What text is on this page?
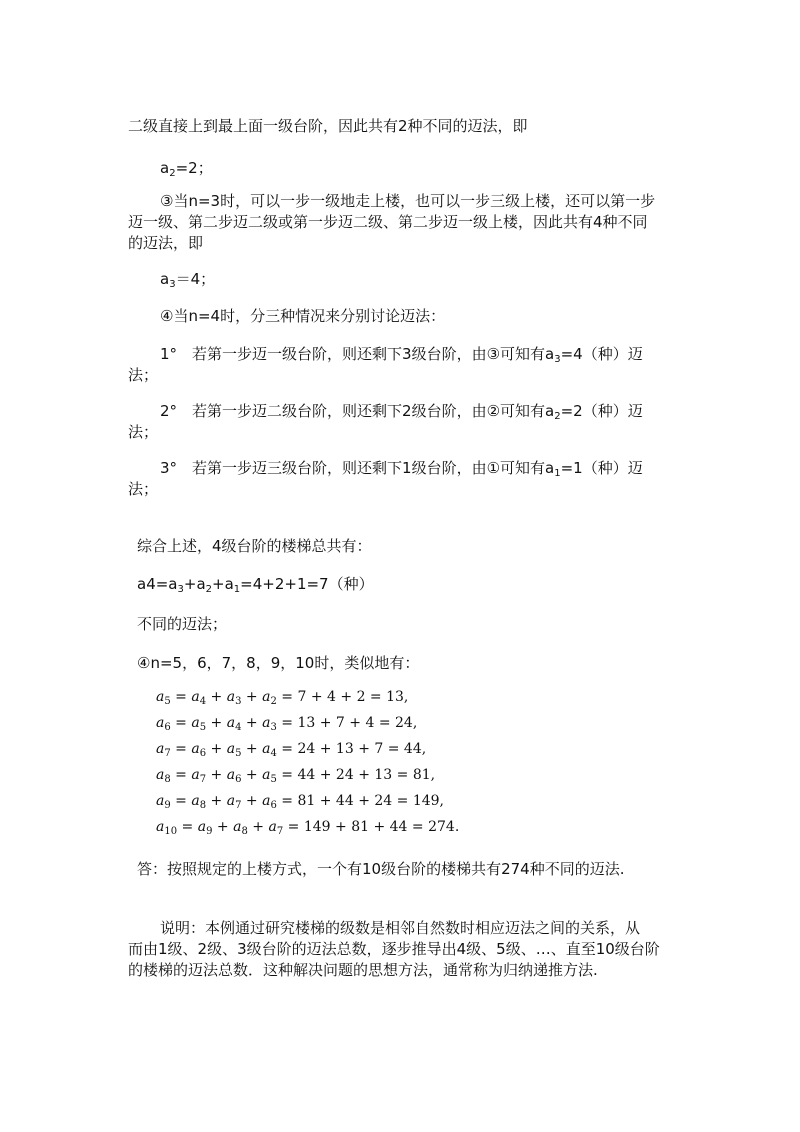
二级直接上到最上面一级台阶，因此共有2种不同的迈法，即
$a_2=2$；
③当n=3时，可以一步一级地走上楼，也可以一步三级上楼，还可以第一步
迈一级、第二步迈二级或第一步迈二级、第二步迈一级上楼，因此共有4种不同
的迈法，即
$a_3=4$；
④当n=4时，分三种情况来分别讨论迈法：
1°　若第一步迈一级台阶，则还剩下3级台阶，由③可知有$a_3=4$（种）迈
法；
2°　若第一步迈二级台阶，则还剩下2级台阶，由②可知有$a_2=2$（种）迈
法；
3°　若第一步迈三级台阶，则还剩下1级台阶，由①可知有$a_1=1$（种）迈
法；
综合上述，4级台阶的楼梯总共有：
$a4=a_3+a_2+a_1=4+2+1=7$（种）
不同的迈法；
④n=5，6，7，8，9，10时，类似地有：
$a_5 = a_4 + a_3 + a_2 = 7 + 4 + 2 = 13$,
$a_6 = a_5 + a_4 + a_3 = 13 + 7 + 4 = 24$,
$a_7 = a_6 + a_5 + a_4 = 24 + 13 + 7 = 44$,
$a_8 = a_7 + a_6 + a_5 = 44 + 24 + 13 = 81$,
$a_9 = a_8 + a_7 + a_6 = 81 + 44 + 24 = 149$,
$a_{10} = a_9 + a_8 + a_7 = 149 + 81 + 44 = 274$.
答：按照规定的上楼方式，一个有10级台阶的楼梯共有274种不同的迈法.
说明：本例通过研究楼梯的级数是相邻自然数时相应迈法之间的关系，从
而由1级、2级、3级台阶的迈法总数，逐步推导出4级、5级、…、直至10级台阶
的楼梯的迈法总数．这种解决问题的思想方法，通常称为归纳递推方法.
